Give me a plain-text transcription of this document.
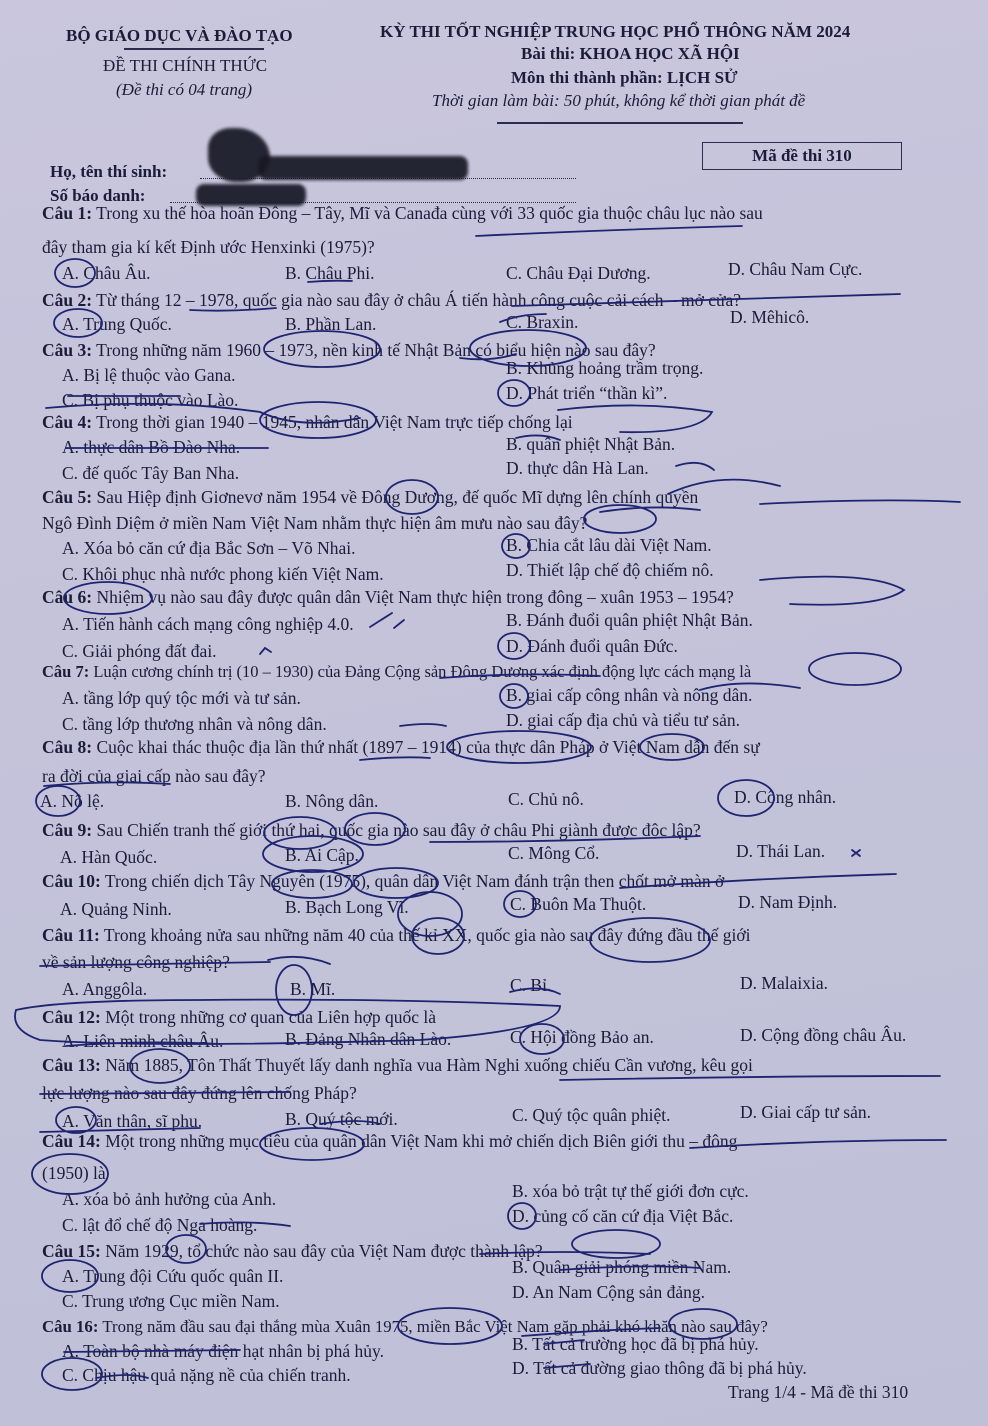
BỘ GIÁO DỤC VÀ ĐÀO TẠO
ĐỀ THI CHÍNH THỨC
(Đề thi có 04 trang)
KỲ THI TỐT NGHIỆP TRUNG HỌC PHỔ THÔNG NĂM 2024
Bài thi: KHOA HỌC XÃ HỘI
Môn thi thành phần: LỊCH SỬ
Thời gian làm bài: 50 phút, không kể thời gian phát đề
Họ, tên thí sinh:
Số báo danh:
Mã đề thi 310
Câu 1: Trong xu thế hòa hoãn Đông – Tây, Mĩ và Canađa cùng với 33 quốc gia thuộc châu lục nào sau
đây tham gia kí kết Định ước Henxinki (1975)?
A. Châu Âu.	B. Châu Phi.	C. Châu Đại Dương.	D. Châu Nam Cực.
Câu 2: Từ tháng 12 – 1978, quốc gia nào sau đây ở châu Á tiến hành công cuộc cải cách – mở cửa?
A. Trung Quốc.	B. Phần Lan.	C. Braxin.	D. Mêhicô.
Câu 3: Trong những năm 1960 – 1973, nền kinh tế Nhật Bản có biểu hiện nào sau đây?
A. Bị lệ thuộc vào Gana.	B. Khủng hoảng trầm trọng.
C. Bị phụ thuộc vào Lào.	D. Phát triển “thần kì”.
Câu 4: Trong thời gian 1940 – 1945, nhân dân Việt Nam trực tiếp chống lại
A. thực dân Bồ Đào Nha.	B. quân phiệt Nhật Bản.
C. đế quốc Tây Ban Nha.	D. thực dân Hà Lan.
Câu 5: Sau Hiệp định Giơnevơ năm 1954 về Đông Dương, đế quốc Mĩ dựng lên chính quyền
Ngô Đình Diệm ở miền Nam Việt Nam nhằm thực hiện âm mưu nào sau đây?
A. Xóa bỏ căn cứ địa Bắc Sơn – Võ Nhai.	B. Chia cắt lâu dài Việt Nam.
C. Khôi phục nhà nước phong kiến Việt Nam.	D. Thiết lập chế độ chiếm nô.
Câu 6: Nhiệm vụ nào sau đây được quân dân Việt Nam thực hiện trong đông – xuân 1953 – 1954?
A. Tiến hành cách mạng công nghiệp 4.0.	B. Đánh đuổi quân phiệt Nhật Bản.
C. Giải phóng đất đai.	D. Đánh đuổi quân Đức.
Câu 7: Luận cương chính trị (10 – 1930) của Đảng Cộng sản Đông Dương xác định động lực cách mạng là
A. tầng lớp quý tộc mới và tư sản.	B. giai cấp công nhân và nông dân.
C. tầng lớp thương nhân và nông dân.	D. giai cấp địa chủ và tiểu tư sản.
Câu 8: Cuộc khai thác thuộc địa lần thứ nhất (1897 – 1914) của thực dân Pháp ở Việt Nam dẫn đến sự
ra đời của giai cấp nào sau đây?
A. Nô lệ.	B. Nông dân.	C. Chủ nô.	D. Công nhân.
Câu 9: Sau Chiến tranh thế giới thứ hai, quốc gia nào sau đây ở châu Phi giành được độc lập?
A. Hàn Quốc.	B. Ai Cập.	C. Mông Cổ.	D. Thái Lan.
Câu 10: Trong chiến dịch Tây Nguyên (1975), quân dân Việt Nam đánh trận then chốt mở màn ở
A. Quảng Ninh.	B. Bạch Long Vĩ.	C. Buôn Ma Thuột.	D. Nam Định.
Câu 11: Trong khoảng nửa sau những năm 40 của thế kỉ XX, quốc gia nào sau đây đứng đầu thế giới
về sản lượng công nghiệp?
A. Anggôla.	B. Mĩ.	C. Bỉ.	D. Malaixia.
Câu 12: Một trong những cơ quan của Liên hợp quốc là
A. Liên minh châu Âu.	B. Đảng Nhân dân Lào.	C. Hội đồng Bảo an.	D. Cộng đồng châu Âu.
Câu 13: Năm 1885, Tôn Thất Thuyết lấy danh nghĩa vua Hàm Nghi xuống chiếu Cần vương, kêu gọi
lực lượng nào sau đây đứng lên chống Pháp?
A. Văn thân, sĩ phu.	B. Quý tộc mới.	C. Quý tộc quân phiệt.	D. Giai cấp tư sản.
Câu 14: Một trong những mục tiêu của quân dân Việt Nam khi mở chiến dịch Biên giới thu – đông
(1950) là
A. xóa bỏ ảnh hưởng của Anh.	B. xóa bỏ trật tự thế giới đơn cực.
C. lật đổ chế độ Nga hoàng.	D. củng cố căn cứ địa Việt Bắc.
Câu 15: Năm 1929, tổ chức nào sau đây của Việt Nam được thành lập?
A. Trung đội Cứu quốc quân II.	B. Quân giải phóng miền Nam.
C. Trung ương Cục miền Nam.	D. An Nam Cộng sản đảng.
Câu 16: Trong năm đầu sau đại thắng mùa Xuân 1975, miền Bắc Việt Nam gặp phải khó khăn nào sau đây?
A. Toàn bộ nhà máy điện hạt nhân bị phá hủy.	B. Tất cả trường học đã bị phá hủy.
C. Chịu hậu quả nặng nề của chiến tranh.	D. Tất cả đường giao thông đã bị phá hủy.
Trang 1/4 - Mã đề thi 310
